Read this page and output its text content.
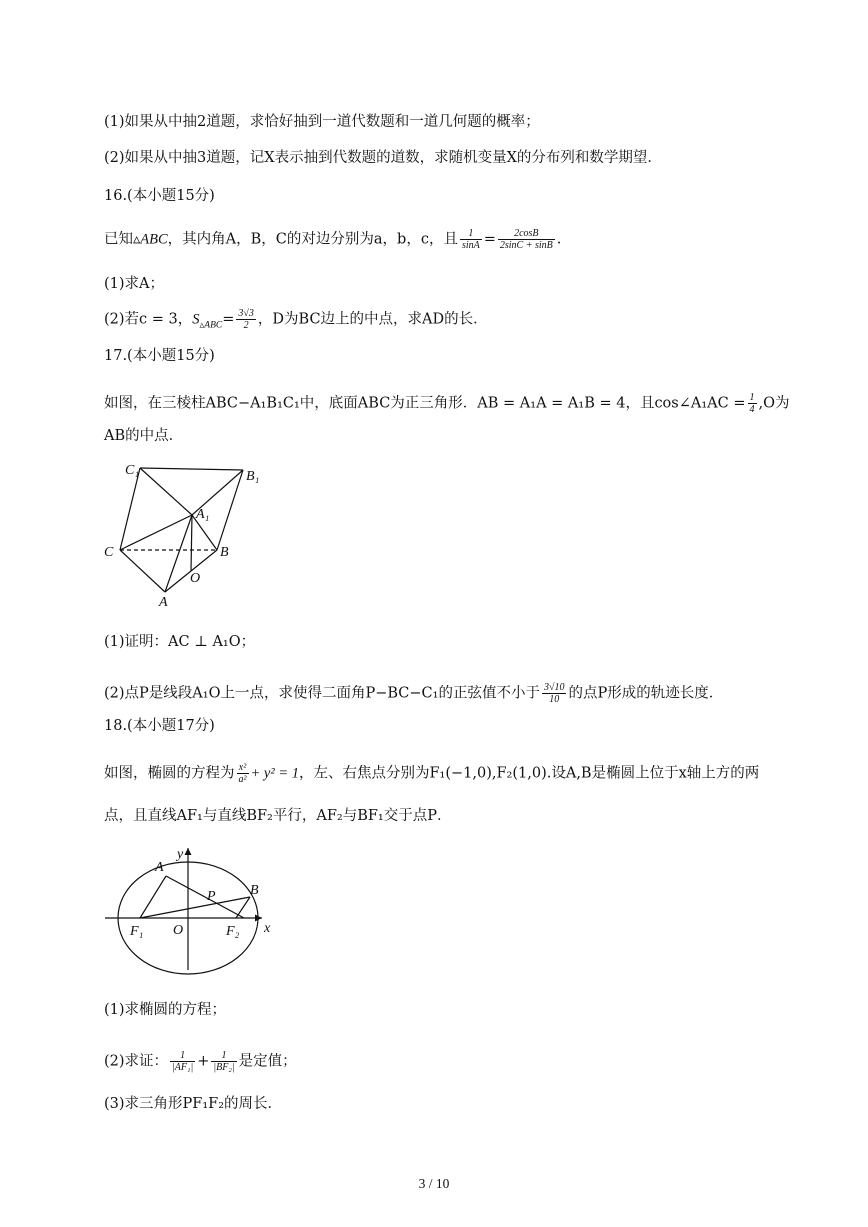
(1)如果从中抽2道题，求恰好抽到一道代数题和一道几何题的概率；
(2)如果从中抽3道题，记X表示抽到代数题的道数，求随机变量X的分布列和数学期望．
16.(本小题15分)
已知▵ABC，其内角A，B，C的对边分别为a，b，c，且 $\frac{1}{\sin A} = \frac{2\cos B}{2\sin C + \sin B}$ .
(1)求A；
(2)若c = 3，$S_{▵ABC}= \frac{3√3}{2}$ ，D为BC边上的中点，求AD的长．
17.(本小题15分)
如图，在三棱柱ABC−A₁B₁C₁中，底面ABC为正三角形．AB = A₁A = A₁B = 4，且cos∠A₁AC = $\frac{1}{4} ,O$为
AB的中点．
C₁	B₁
A₁
C	B
O
A
(1)证明：AC ⊥ A₁O；
(2)点P是线段A₁O上一点，求使得二面角P−BC−C₁的正弦值不小于 $\frac{3√10}{10}$ 的点P形成的轨迹长度．
18.(本小题17分)
如图，椭圆的方程为 $\frac{\text{x²}}{\text{a²}} + y^2 = 1$，左、右焦点分别为F₁(−1,0),F₂(1,0).设A,B是椭圆上位于x轴上方的两
点，且直线AF₁与直线BF₂平行，AF₂与BF₁交于点P．
y
A
P B
F₁ O	F₂ x
(1)求椭圆的方程；
(2)求证： $\frac{1}{\text{|AF₁|}} + \frac{1}{\text{|BF₂|}}$ 是定值；
(3)求三角形PF₁F₂的周长．
3 / 10
